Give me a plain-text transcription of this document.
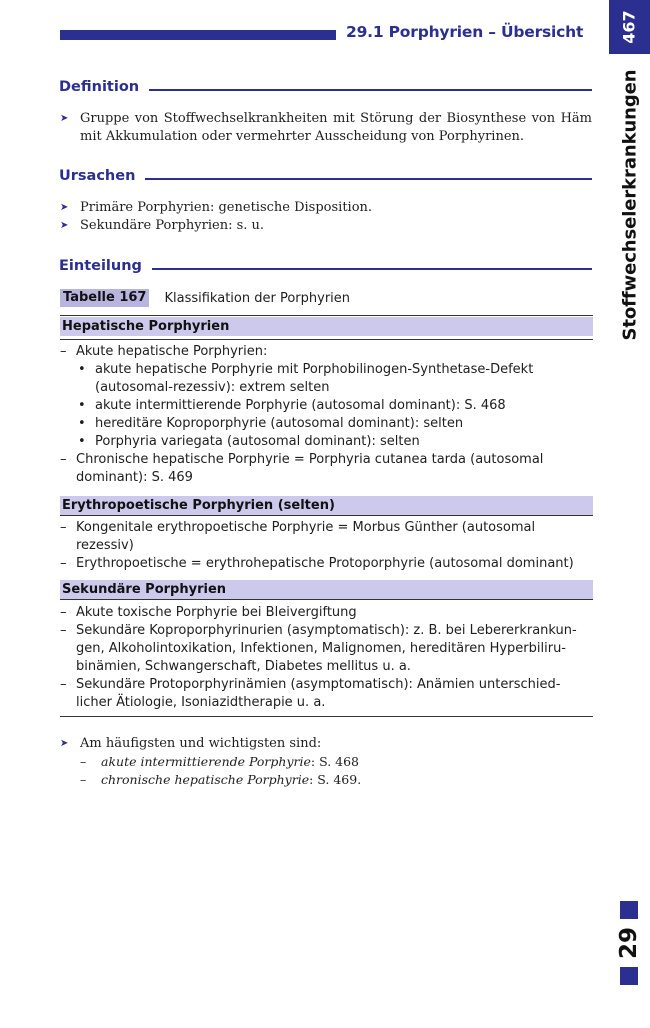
29.1 Porphyrien – Übersicht	467
Stoffwechselerkrankungen
Definition
➤ Gruppe von Stoffwechselkrankheiten mit Störung der Biosynthese von Häm mit Akkumulation oder vermehrter Ausscheidung von Porphyrinen.
Ursachen
➤ Primäre Porphyrien: genetische Disposition.
➤ Sekundäre Porphyrien: s. u.
Einteilung
Tabelle 167 Klassifikation der Porphyrien
Hepatische Porphyrien
– Akute hepatische Porphyrien:
• akute hepatische Porphyrie mit Porphobilinogen-Synthetase-Defekt (autosomal-rezessiv): extrem selten
• akute intermittierende Porphyrie (autosomal dominant): S. 468
• hereditäre Koproporphyrie (autosomal dominant): selten
• Porphyria variegata (autosomal dominant): selten
– Chronische hepatische Porphyrie = Porphyria cutanea tarda (autosomal dominant): S. 469
Erythropoetische Porphyrien (selten)
– Kongenitale erythropoetische Porphyrie = Morbus Günther (autosomal rezessiv)
– Erythropoetische = erythrohepatische Protoporphyrie (autosomal dominant)
Sekundäre Porphyrien
– Akute toxische Porphyrie bei Bleivergiftung
– Sekundäre Koproporphyrinurien (asymptomatisch): z. B. bei Lebererkrankun-gen, Alkoholintoxikation, Infektionen, Malignomen, hereditären Hyperbiliru-binämien, Schwangerschaft, Diabetes mellitus u. a.
– Sekundäre Protoporphyrinämien (asymptomatisch): Anämien unterschied-licher Ätiologie, Isoniazidtherapie u. a.
➤ Am häufigsten und wichtigsten sind:
– akute intermittierende Porphyrie: S. 468
– chronische hepatische Porphyrie: S. 469.
29
